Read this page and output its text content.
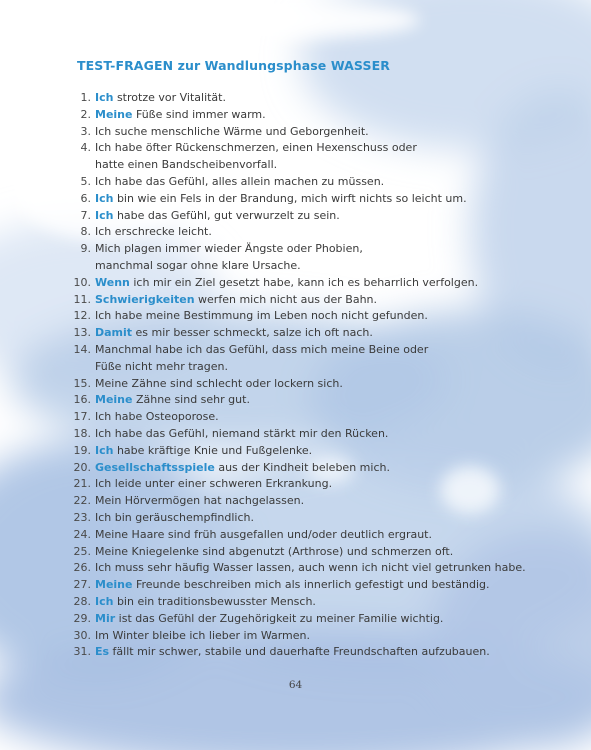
TEST-FRAGEN zur Wandlungsphase WASSER
1. Ich strotze vor Vitalität.
2. Meine Füße sind immer warm.
3. Ich suche menschliche Wärme und Geborgenheit.
4. Ich habe öfter Rückenschmerzen, einen Hexenschuss oder
hatte einen Bandscheibenvorfall.
5. Ich habe das Gefühl, alles allein machen zu müssen.
6. Ich bin wie ein Fels in der Brandung, mich wirft nichts so leicht um.
7. Ich habe das Gefühl, gut verwurzelt zu sein.
8. Ich erschrecke leicht.
9. Mich plagen immer wieder Ängste oder Phobien,
manchmal sogar ohne klare Ursache.
10. Wenn ich mir ein Ziel gesetzt habe, kann ich es beharrlich verfolgen.
11. Schwierigkeiten werfen mich nicht aus der Bahn.
12. Ich habe meine Bestimmung im Leben noch nicht gefunden.
13. Damit es mir besser schmeckt, salze ich oft nach.
14. Manchmal habe ich das Gefühl, dass mich meine Beine oder
Füße nicht mehr tragen.
15. Meine Zähne sind schlecht oder lockern sich.
16. Meine Zähne sind sehr gut.
17. Ich habe Osteoporose.
18. Ich habe das Gefühl, niemand stärkt mir den Rücken.
19. Ich habe kräftige Knie und Fußgelenke.
20. Gesellschaftsspiele aus der Kindheit beleben mich.
21. Ich leide unter einer schweren Erkrankung.
22. Mein Hörvermögen hat nachgelassen.
23. Ich bin geräuschempfindlich.
24. Meine Haare sind früh ausgefallen und/oder deutlich ergraut.
25. Meine Kniegelenke sind abgenutzt (Arthrose) und schmerzen oft.
26. Ich muss sehr häufig Wasser lassen, auch wenn ich nicht viel getrunken habe.
27. Meine Freunde beschreiben mich als innerlich gefestigt und beständig.
28. Ich bin ein traditionsbewusster Mensch.
29. Mir ist das Gefühl der Zugehörigkeit zu meiner Familie wichtig.
30. Im Winter bleibe ich lieber im Warmen.
31. Es fällt mir schwer, stabile und dauerhafte Freundschaften aufzubauen.
64
